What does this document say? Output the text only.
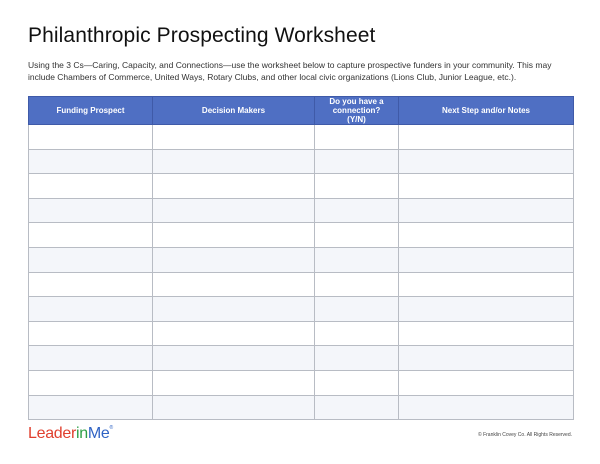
Philanthropic Prospecting Worksheet

Using the 3 Cs—Caring, Capacity, and Connections—use the worksheet below to capture prospective funders in your community. This may include Chambers of Commerce, United Ways, Rotary Clubs, and other local civic organizations (Lions Club, Junior League, etc.).

Funding Prospect	Decision Makers	Do you have a connection? (Y/N)	Next Step and/or Notes

LeaderinMe®
© Franklin Covey Co. All Rights Reserved.
